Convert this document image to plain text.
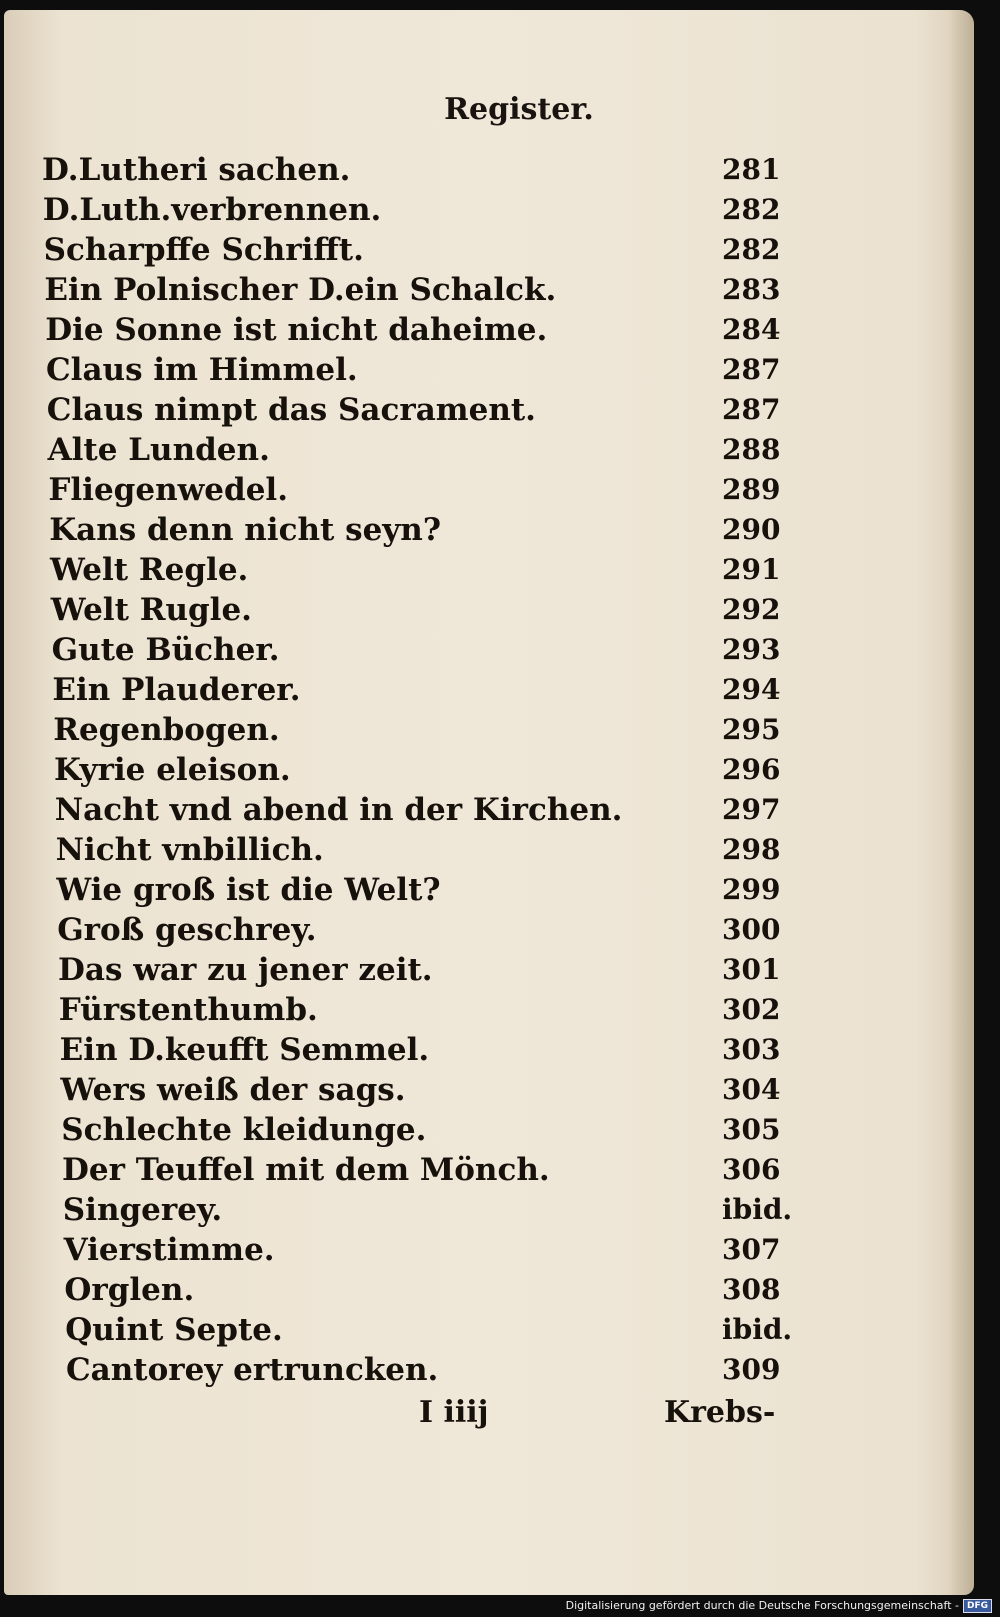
Register.
D.Lutheri sachen.	281
D.Luth.verbrennen.	282
Scharpffe Schrifft.	282
Ein Polnischer D.ein Schalck.	283
Die Sonne ist nicht daheime.	284
Claus im Himmel.	287
Claus nimpt das Sacrament.	287
Alte Lunden.	288
Fliegenwedel.	289
Kans denn nicht seyn?	290
Welt Regle.	291
Welt Rugle.	292
Gute Bücher.	293
Ein Plauderer.	294
Regenbogen.	295
Kyrie eleison.	296
Nacht vnd abend in der Kirchen.	297
Nicht vnbillich.	298
Wie groß ist die Welt?	299
Groß geschrey.	300
Das war zu jener zeit.	301
Fürstenthumb.	302
Ein D.keufft Semmel.	303
Wers weiß der sags.	304
Schlechte kleidunge.	305
Der Teuffel mit dem Mönch.	306
Singerey.	ibid.
Vierstimme.	307
Orglen.	308
Quint Septe.	ibid.
Cantorey ertruncken.	309
I iiij	Krebs-
Digitalisierung gefördert durch die Deutsche Forschungsgemeinschaft - DFG
